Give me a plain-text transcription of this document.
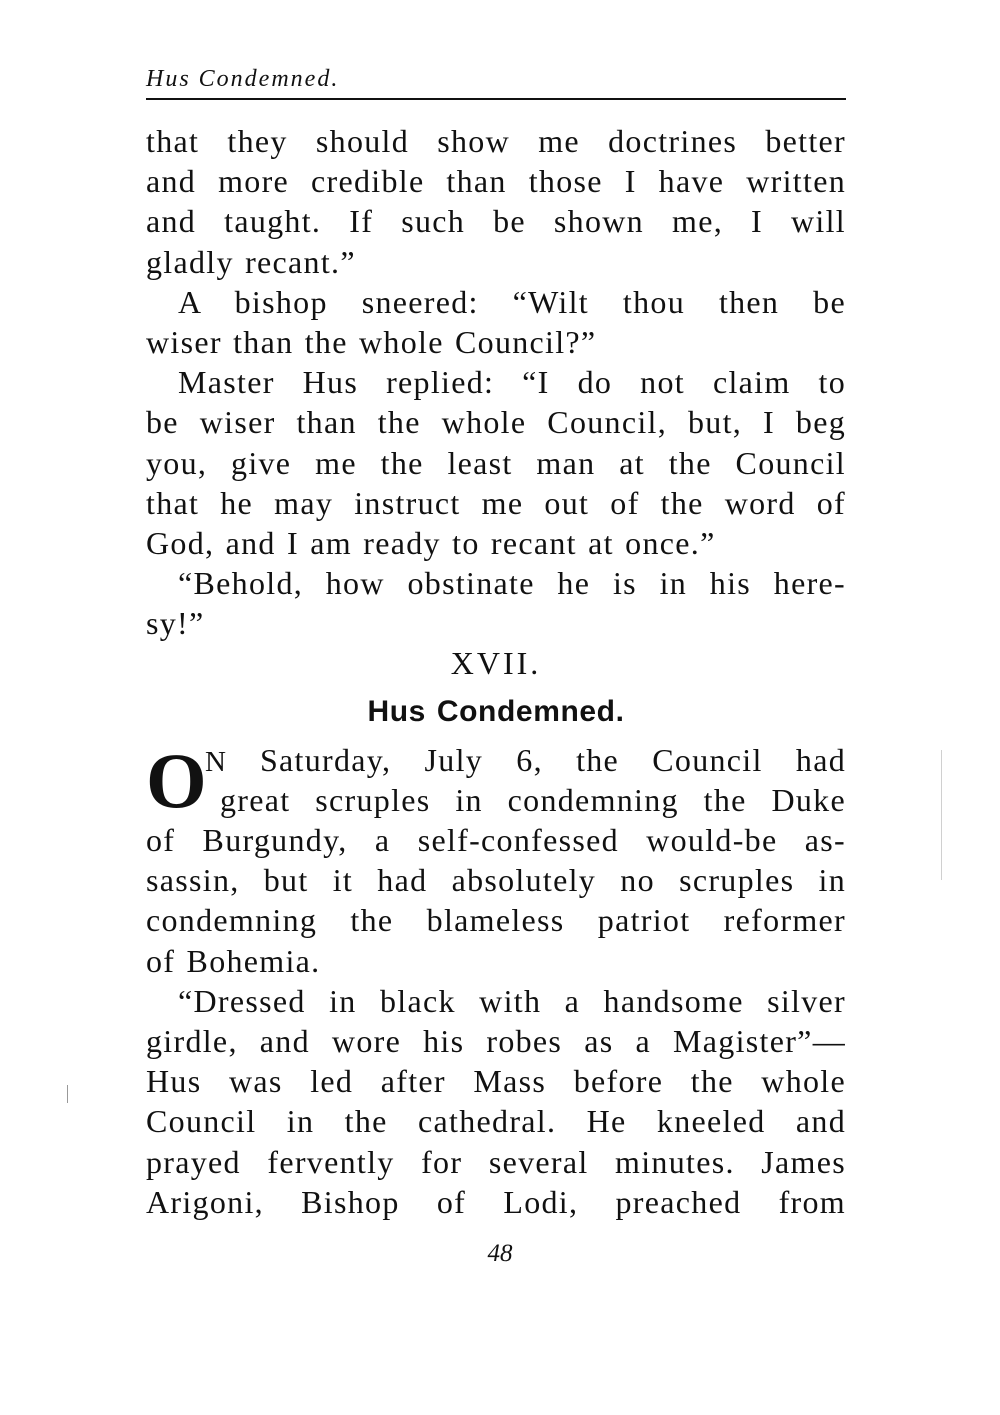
Hus Condemned.
that they should show me doctrines better
and more credible than those I have written
and taught. If such be shown me, I will
gladly recant.”
A bishop sneered: “Wilt thou then be
wiser than the whole Council?”
Master Hus replied: “I do not claim to
be wiser than the whole Council, but, I beg
you, give me the least man at the Council
that he may instruct me out of the word of
God, and I am ready to recant at once.”
“Behold, how obstinate he is in his here-
sy!”
XVII.
Hus Condemned.
O
N Saturday, July 6, the Council had
great scruples in condemning the Duke
of Burgundy, a self-confessed would-be as-
sassin, but it had absolutely no scruples in
condemning the blameless patriot reformer
of Bohemia.
“Dressed in black with a handsome silver
girdle, and wore his robes as a Magister”—
Hus was led after Mass before the whole
Council in the cathedral. He kneeled and
prayed fervently for several minutes. James
Arigoni, Bishop of Lodi, preached from
48
